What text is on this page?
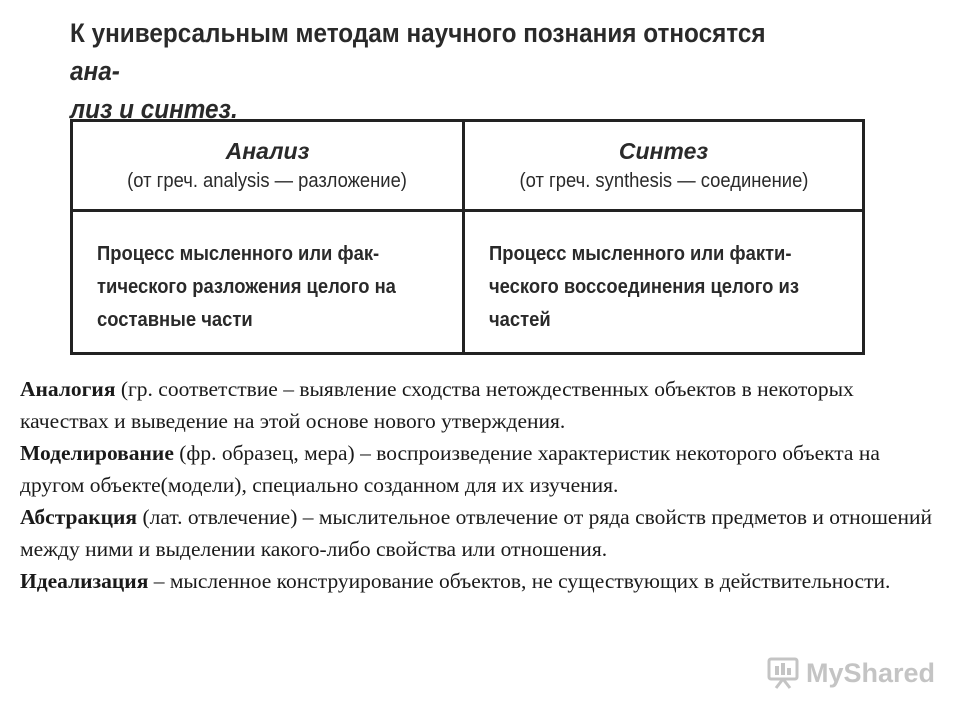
К универсальным методам научного познания относятся ана-
лиз и синтез.
Анализ
(от греч. analysis — разложение)
Синтез
(от греч. synthesis — соединение)
Процесс мысленного или фак-
тического разложения целого на
составные части
Процесс мысленного или факти-
ческого воссоединения целого из
частей

Аналогия (гр. соответствие – выявление сходства нетождественных объектов в некоторых качествах и выведение на этой основе нового утверждения.

Моделирование (фр. образец, мера) – воспроизведение характеристик некоторого объекта на другом объекте(модели), специально созданном для их изучения.

Абстракция (лат. отвлечение) – мыслительное отвлечение от ряда свойств предметов и отношений между ними и выделении какого-либо свойства или отношения.

Идеализация – мысленное конструирование объектов, не существующих в действительности.

MyShared
